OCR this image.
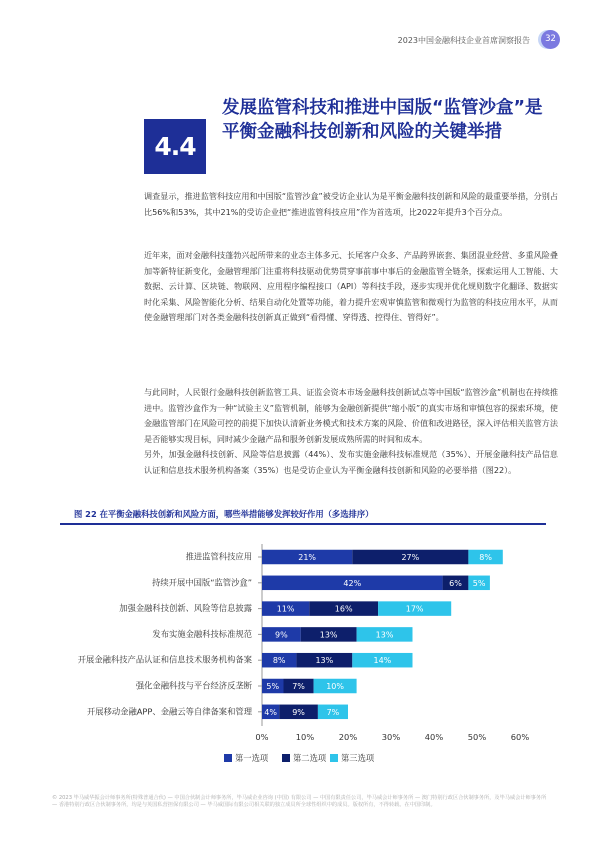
2023中国金融科技企业首席洞察报告	32
4.4
发展监管科技和推进中国版“监管沙盒”是平衡金融科技创新和风险的关键举措

调查显示，推进监管科技应用和中国版“监管沙盒”被受访企业认为是平衡金融科技创新和风险的最重要举措，分别占比56%和53%，其中21%的受访企业把“推进监管科技应用”作为首选项，比2022年提升3个百分点。

近年来，面对金融科技蓬勃兴起所带来的业态主体多元、长尾客户众多、产品跨界嵌套、集团混业经营、多重风险叠加等新特征新变化，金融管理部门注重将科技驱动优势贯穿事前事中事后的金融监管全链条，探索运用人工智能、大数据、云计算、区块链、物联网、应用程序编程接口（API）等科技手段，逐步实现并优化规则数字化翻译、数据实时化采集、风险智能化分析、结果自动化处置等功能，着力提升宏观审慎监管和微观行为监管的科技应用水平，从而使金融管理部门对各类金融科技创新真正做到“看得懂、穿得透、控得住、管得好”。

与此同时，人民银行金融科技创新监管工具、证监会资本市场金融科技创新试点等中国版“监管沙盒”机制也在持续推进中。监管沙盒作为一种“试验主义”监管机制，能够为金融创新提供“缩小版”的真实市场和审慎包容的探索环境，使金融监管部门在风险可控的前提下加快认清新业务模式和技术方案的风险、价值和改进路径，深入评估相关监管方法是否能够实现目标，同时减少金融产品和服务创新发展成熟所需的时间和成本。

另外，加强金融科技创新、风险等信息披露（44%）、发布实施金融科技标准规范（35%）、开展金融科技产品信息认证和信息技术服务机构备案（35%）也是受访企业认为平衡金融科技创新和风险的必要举措（图22）。

图 22 在平衡金融科技创新和风险方面，哪些举措能够发挥较好作用（多选排序）
推进监管科技应用	21%	27%	8%
持续开展中国版“监管沙盒”	42%	6% 5%
加强金融科技创新、风险等信息披露	11%	16%	17%
发布实施金融科技标准规范	9%	13%	13%
开展金融科技产品认证和信息技术服务机构备案	8%	13%	14%
强化金融科技与平台经济反垄断 5% 7%	10%
开展移动金融APP、金融云等自律备案和管理 4% 9%	7%
0%	10%	20%	30%	40%	50%	60%
第一选项	第二选项 第三选项
© 2023 毕马威华振会计师事务所(特殊普通合伙) — 中国合伙制会计师事务所，毕马威企业咨询 (中国) 有限公司 — 中国有限责任公司，毕马威会计师事务所 — 澳门特别行政区合伙制事务所，及毕马威会计师事务所 — 香港特别行政区合伙制事务所，均是与英国私营担保有限公司 — 毕马威国际有限公司相关联的独立成员所全球性组织中的成员。版权所有，不得转载。在中国印制。
